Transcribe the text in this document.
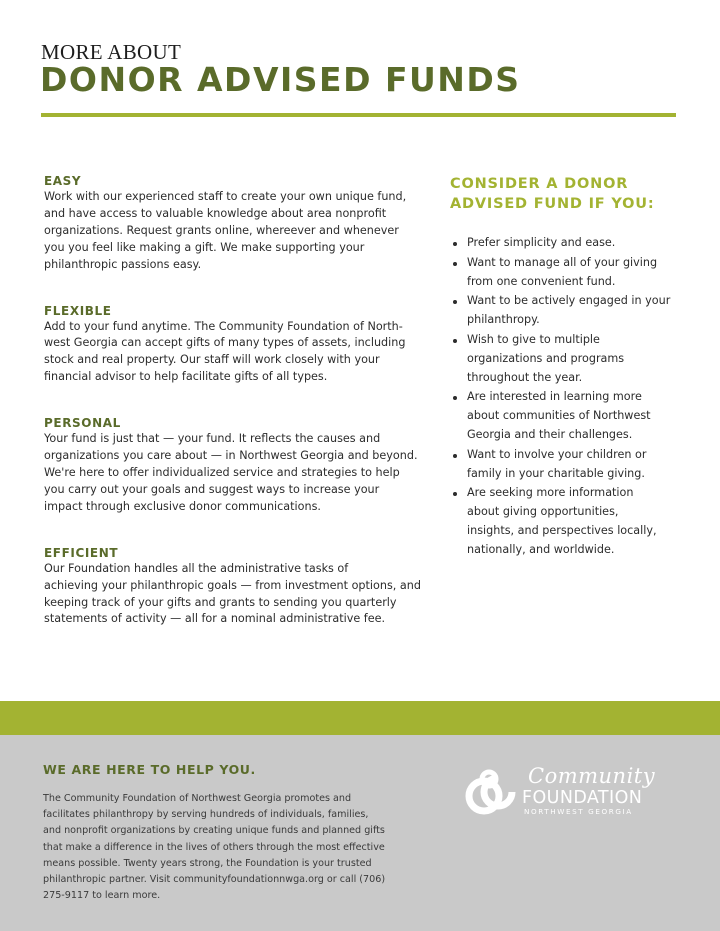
MORE ABOUT
DONOR ADVISED FUNDS
EASY

Work with our experienced staff to create your own unique fund,
and have access to valuable knowledge about area nonprofit
organizations. Request grants online, whereever and whenever
you you feel like making a gift. We make supporting your
philanthropic passions easy.

FLEXIBLE

Add to your fund anytime. The Community Foundation of North-
west Georgia can accept gifts of many types of assets, including
stock and real property. Our staff will work closely with your
financial advisor to help facilitate gifts of all types.

PERSONAL

Your fund is just that — your fund. It reflects the causes and
organizations you care about — in Northwest Georgia and beyond.
We're here to offer individualized service and strategies to help
you carry out your goals and suggest ways to increase your
impact through exclusive donor communications.

EFFICIENT

Our Foundation handles all the administrative tasks of
achieving your philanthropic goals — from investment options, and
keeping track of your gifts and grants to sending you quarterly
statements of activity — all for a nominal administrative fee.

CONSIDER A DONOR
ADVISED FUND IF YOU:
Prefer simplicity and ease.
Want to manage all of your giving
from one convenient fund.
Want to be actively engaged in your
philanthropy.
Wish to give to multiple
organizations and programs
throughout the year.
Are interested in learning more
about communities of Northwest
Georgia and their challenges.
Want to involve your children or
family in your charitable giving.
Are seeking more information
about giving opportunities,
insights, and perspectives locally,
nationally, and worldwide.
WE ARE HERE TO HELP YOU.

The Community Foundation of Northwest Georgia promotes and
facilitates philanthropy by serving hundreds of individuals, families,
and nonprofit organizations by creating unique funds and planned gifts
that make a difference in the lives of others through the most effective
means possible. Twenty years strong, the Foundation is your trusted
philanthropic partner. Visit communityfoundationnwga.org or call (706)
275-9117 to learn more.

Community
FOUNDATION
NORTHWEST GEORGIA
